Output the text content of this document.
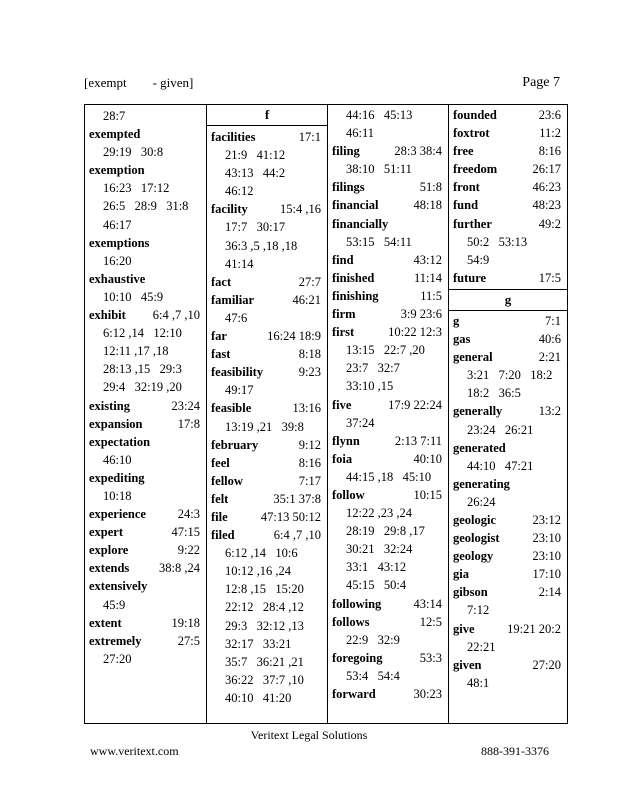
[exempt        - given]	Page 7
28:7
exempted
29:19   30:8
exemption
16:23   17:12
26:5   28:9   31:8
46:17
exemptions
16:20
exhaustive
10:10   45:9
exhibit	6:4 ,7 ,10
6:12 ,14   12:10
12:11 ,17 ,18
28:13 ,15   29:3
29:4   32:19 ,20
existing	23:24
expansion	17:8
expectation
46:10
expediting
10:18
experience	24:3
expert	47:15
explore	9:22
extends	38:8 ,24
extensively
45:9
extent	19:18
extremely	27:5
27:20
f
facilities	17:1
21:9   41:12
43:13   44:2
46:12
facility	15:4 ,16
17:7   30:17
36:3 ,5 ,18 ,18
41:14
fact	27:7
familiar	46:21
47:6
far	16:24 18:9
fast	8:18
feasibility	9:23
49:17
feasible	13:16
13:19 ,21   39:8
february	9:12
feel	8:16
fellow	7:17
felt	35:1 37:8
file	47:13 50:12
filed	6:4 ,7 ,10
6:12 ,14   10:6
10:12 ,16 ,24
12:8 ,15   15:20
22:12   28:4 ,12
29:3   32:12 ,13
32:17   33:21
35:7   36:21 ,21
36:22   37:7 ,10
40:10   41:20
44:16   45:13
46:11
filing	28:3 38:4
38:10   51:11
filings	51:8
financial	48:18
financially
53:15   54:11
find	43:12
finished	11:14
finishing	11:5
firm	3:9 23:6
first	10:22 12:3
13:15   22:7 ,20
23:7   32:7
33:10 ,15
five	17:9 22:24
37:24
flynn	2:13 7:11
foia	40:10
44:15 ,18   45:10
follow	10:15
12:22 ,23 ,24
28:19   29:8 ,17
30:21   32:24
33:1   43:12
45:15   50:4
following	43:14
follows	12:5
22:9   32:9
foregoing	53:3
53:4   54:4
forward	30:23
founded	23:6
foxtrot	11:2
free	8:16
freedom	26:17
front	46:23
fund	48:23
further	49:2
50:2   53:13
54:9
future	17:5
g
g	7:1
gas	40:6
general	2:21
3:21   7:20   18:2
18:2   36:5
generally	13:2
23:24   26:21
generated
44:10   47:21
generating
26:24
geologic	23:12
geologist	23:10
geology	23:10
gia	17:10
gibson	2:14
7:12
give	19:21 20:2
22:21
given	27:20
48:1
Veritext Legal Solutions
www.veritext.com	888-391-3376
